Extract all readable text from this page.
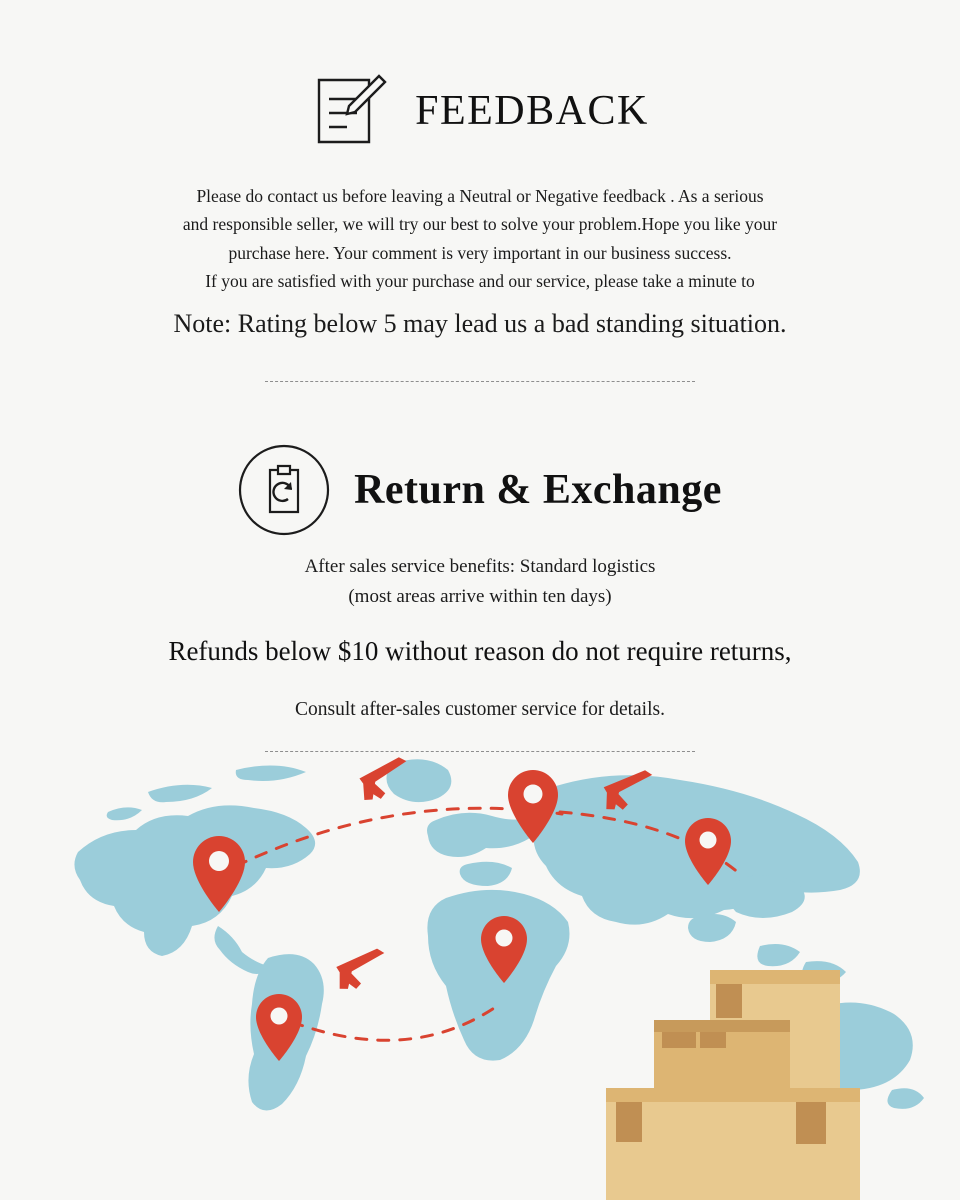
FEEDBACK

Please do contact us before leaving a Neutral or Negative feedback . As a serious

and responsible seller, we will try our best to solve your problem.Hope you like your

purchase here. Your comment is very important in our business success.

If you are satisfied with your purchase and our service, please take a minute to

Note: Rating below 5 may lead us a bad standing situation.

Return & Exchange

After sales service benefits: Standard logistics

(most areas arrive within ten days)

Refunds below $10 without reason do not require returns,

Consult after-sales customer service for details.
